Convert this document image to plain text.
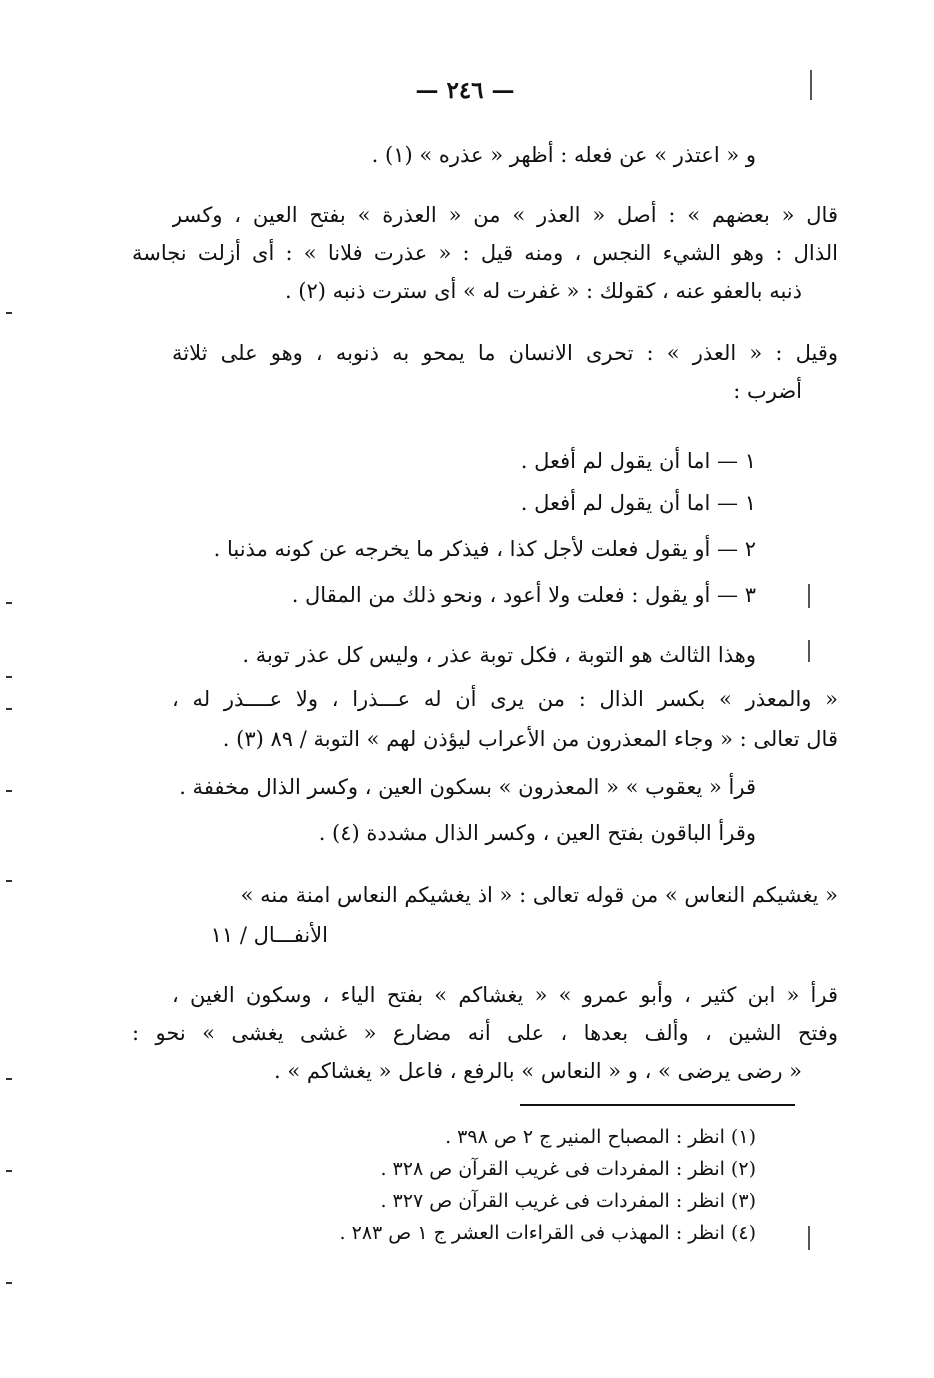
— ٢٤٦ —
و « اعتذر » عن فعله : أظهر « عذره » (١) .
قال « بعضهم » : أصل « العذر » من « العذرة » بفتح العين ، وكسر
الذال : وهو الشيء النجس ، ومنه قيل : « عذرت فلانا » : أى أزلت نجاسة
ذنبه بالعفو عنه ، كقولك : « غفرت له » أى سترت ذنبه (٢) .
وقيل : « العذر » : تحرى الانسان ما يمحو به ذنوبه ، وهو على ثلاثة
أضرب :
١ — اما أن يقول لم أفعل .
١ — اما أن يقول لم أفعل .
٢ — أو يقول فعلت لأجل كذا ، فيذكر ما يخرجه عن كونه مذنبا .
٣ — أو يقول : فعلت ولا أعود ، ونحو ذلك من المقال .
وهذا الثالث هو التوبة ، فكل توبة عذر ، وليس كل عذر توبة .
« والمعذر » بكسر الذال : من يرى أن له عـــذرا ، ولا عــــذر له ،
قال تعالى : « وجاء المعذرون من الأعراب ليؤذن لهم » التوبة / ٨٩ (٣) .
قرأ « يعقوب » « المعذرون » بسكون العين ، وكسر الذال مخففة .
وقرأ الباقون بفتح العين ، وكسر الذال مشددة (٤) .
« يغشيكم النعاس » من قوله تعالى : « اذ يغشيكم النعاس امنة منه »
الأنفـــال / ١١
قرأ « ابن كثير ، وأبو عمرو » « يغشاكم » بفتح الياء ، وسكون الغين ،
وفتح الشين ، وألف بعدها ، على أنه مضارع « غشى يغشى » نحو :
« رضى يرضى » ، و « النعاس » بالرفع ، فاعل « يغشاكم » .
(١) انظر : المصباح المنير ج ٢ ص ٣٩٨ .
(٢) انظر : المفردات فى غريب القرآن ص ٣٢٨ .
(٣) انظر : المفردات فى غريب القرآن ص ٣٢٧ .
(٤) انظر : المهذب فى القراءات العشر ج ١ ص ٢٨٣ .
